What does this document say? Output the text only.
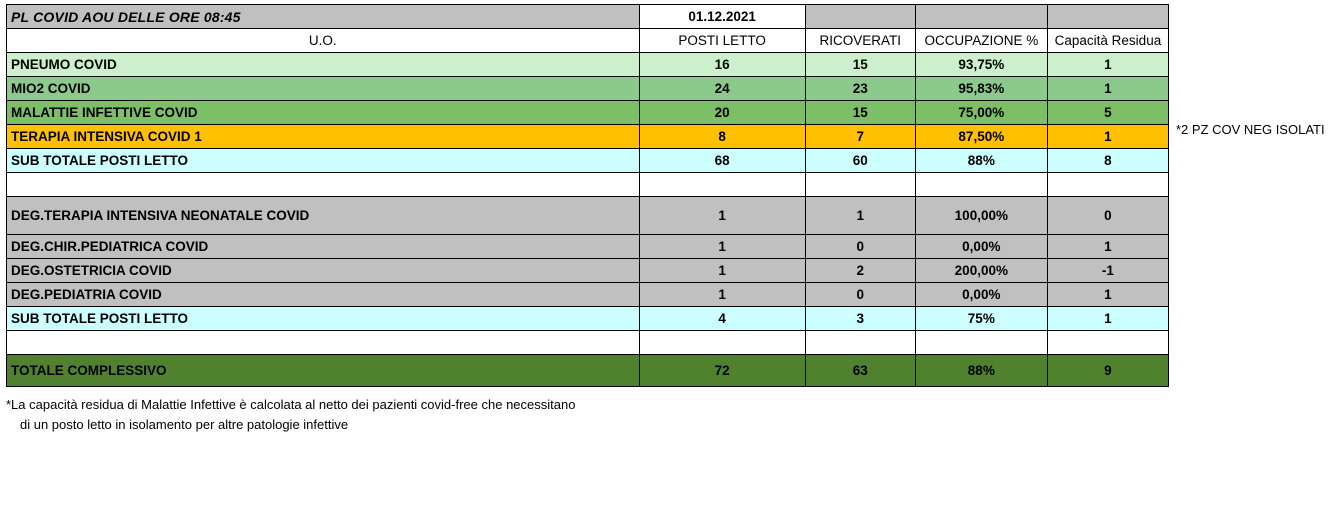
PL COVID AOU DELLE ORE 08:45	01.12.2021			
U.O.	POSTI LETTO	RICOVERATI	OCCUPAZIONE %	Capacità Residua
PNEUMO COVID	16	15	93,75%	1
MIO2 COVID	24	23	95,83%	1
MALATTIE INFETTIVE COVID	20	15	75,00%	5
TERAPIA INTENSIVA COVID 1	8	7	87,50%	1
SUB TOTALE POSTI LETTO	68	60	88%	8

DEG.TERAPIA INTENSIVA NEONATALE COVID	1	1	100,00%	0
DEG.CHIR.PEDIATRICA COVID	1	0	0,00%	1
DEG.OSTETRICIA COVID	1	2	200,00%	-1
DEG.PEDIATRIA COVID	1	0	0,00%	1
SUB TOTALE POSTI LETTO	4	3	75%	1

TOTALE COMPLESSIVO	72	63	88%	9
*La capacità residua di Malattie Infettive è calcolata al netto dei pazienti covid-free che necessitano
di un posto letto in isolamento per altre patologie infettive
*2 PZ COV NEG ISOLATI
